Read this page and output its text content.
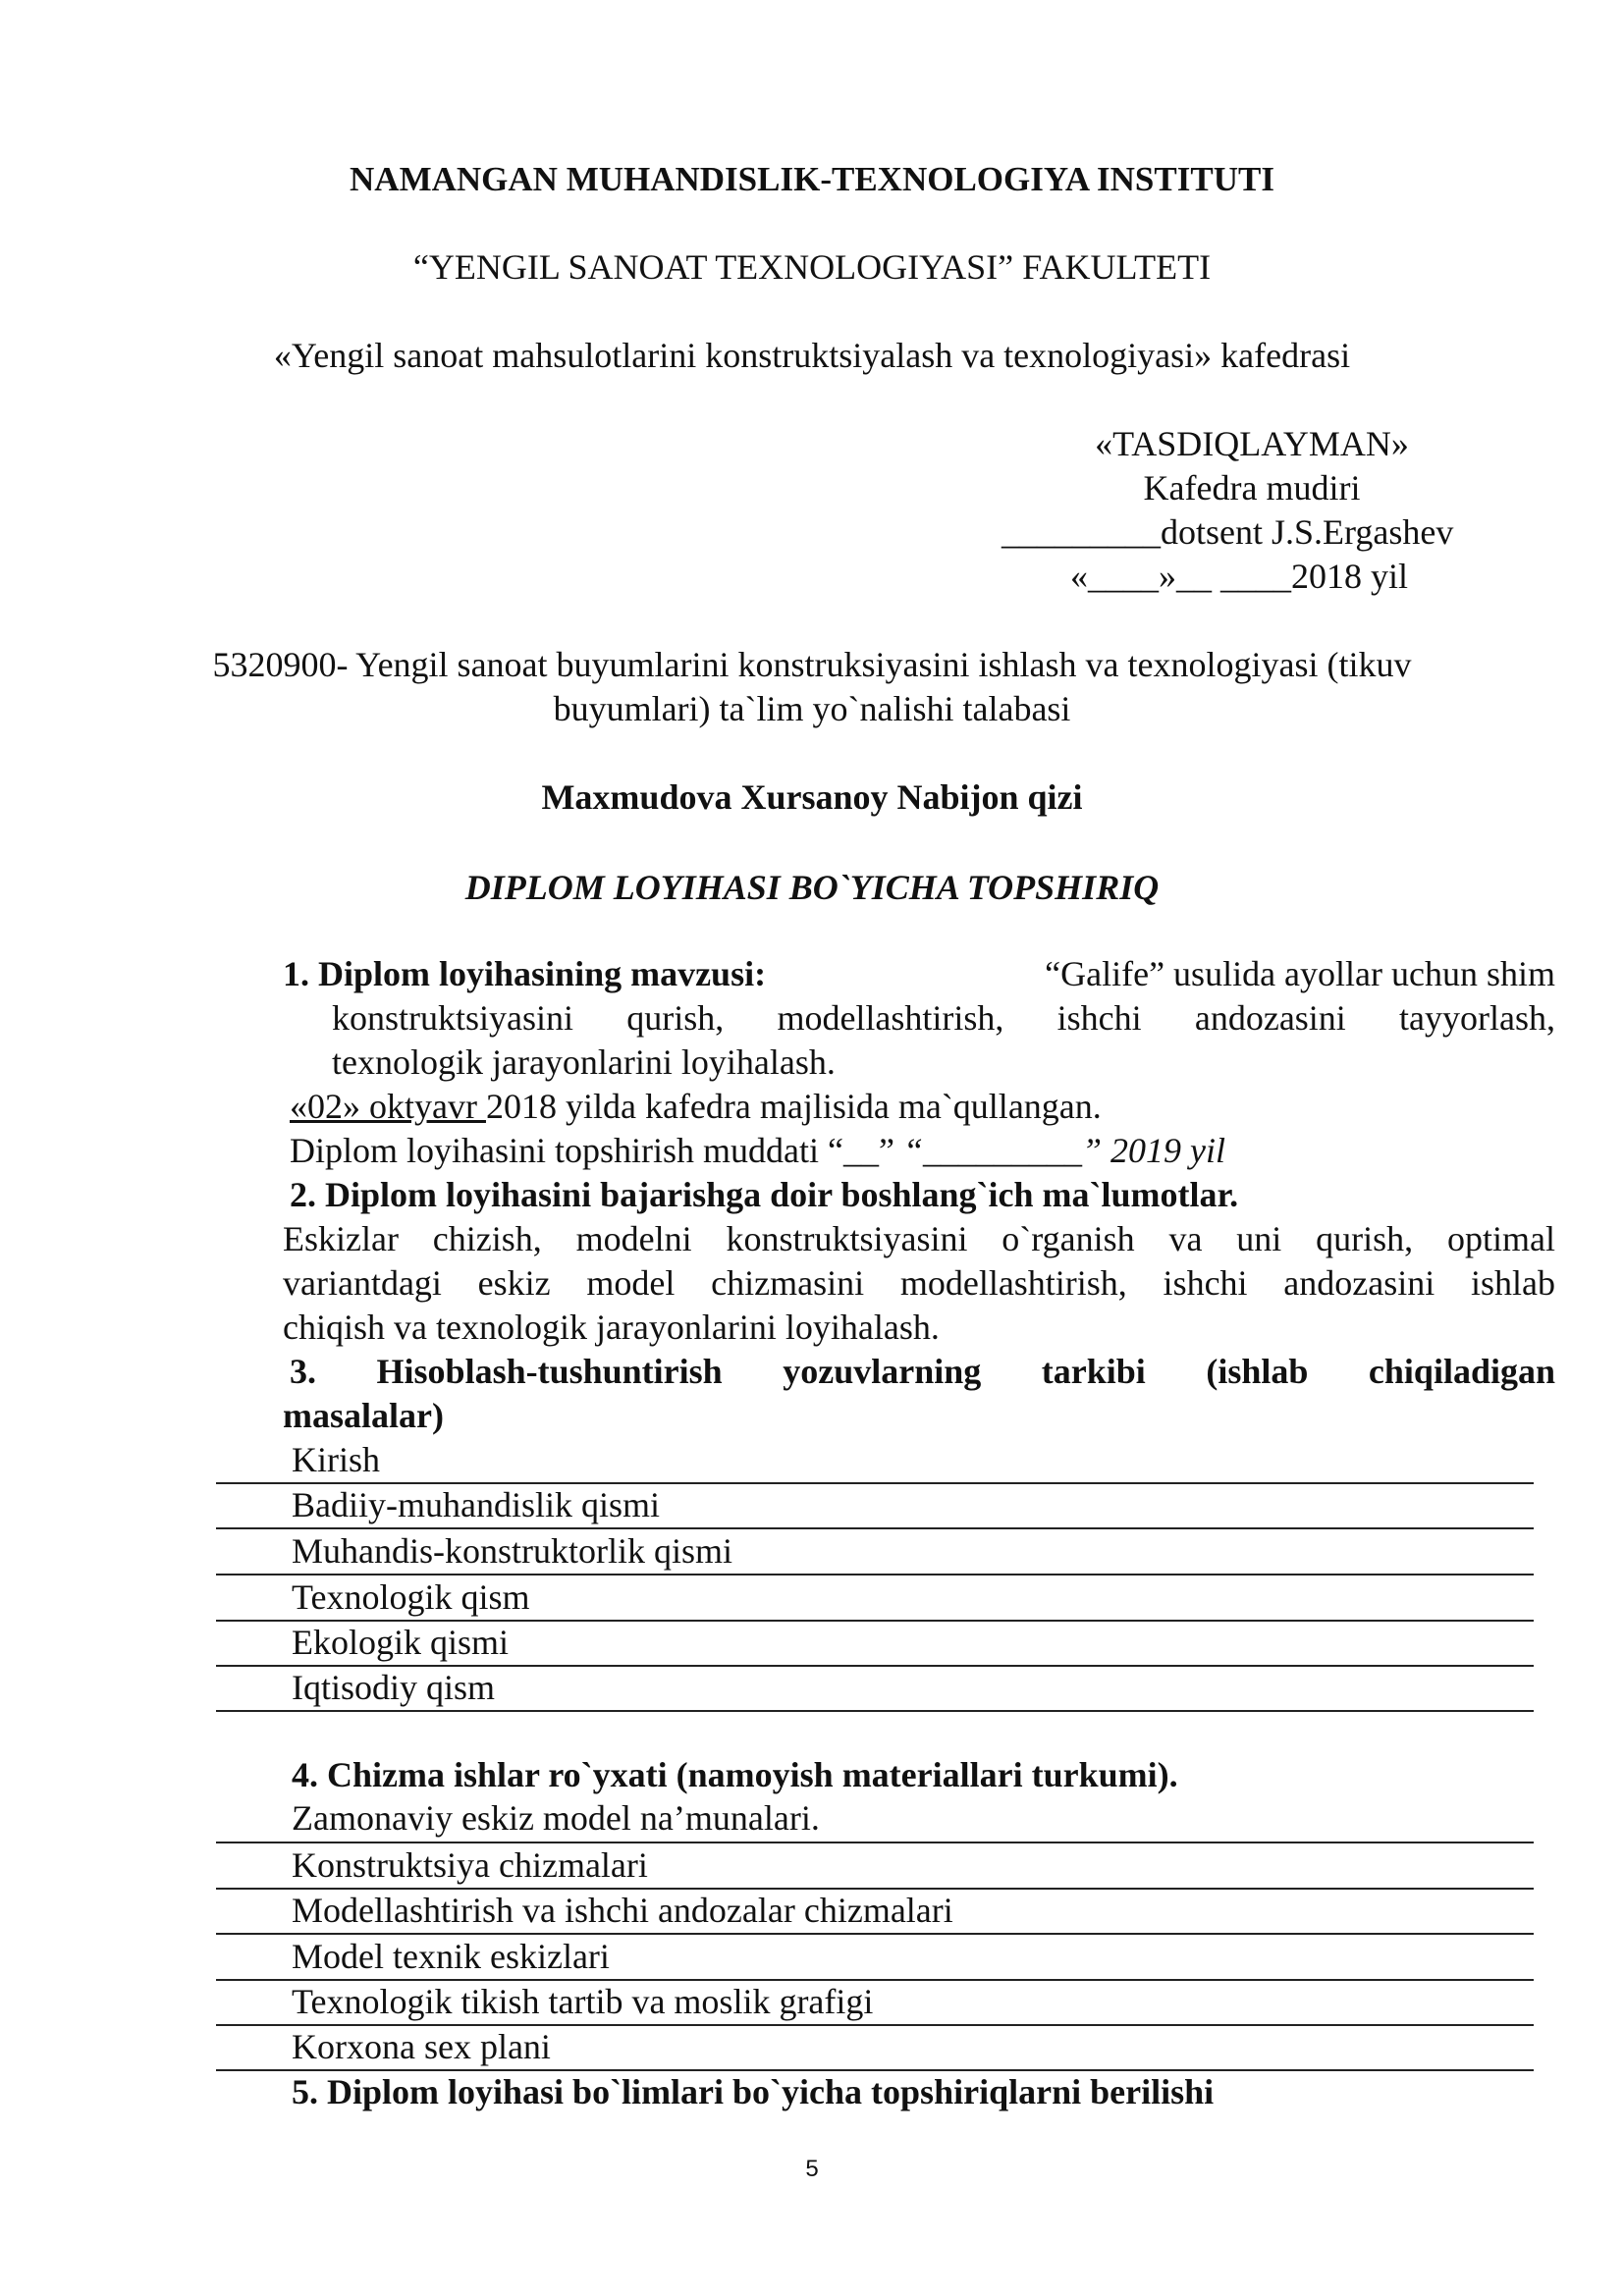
NAMANGAN MUHANDISLIK-TEXNOLOGIYA INSTITUTI
“YENGIL SANOAT TEXNOLOGIYASI” FAKULTETI
«Yengil sanoat mahsulotlarini konstruktsiyalash va texnologiyasi» kafedrasi
«TASDIQLAYMAN»
Kafedra mudiri
_________dotsent J.S.Ergashev
«____»__ ____2018 yil
5320900- Yengil sanoat buyumlarini konstruksiyasini ishlash va texnologiyasi (tikuv
buyumlari) ta`lim yo`nalishi talabasi
Maxmudova Xursanoy Nabijon qizi
DIPLOM LOYIHASI BO`YICHA TOPSHIRIQ
1. Diplom loyihasining mavzusi:	“Galife” usulida ayollar uchun shim
konstruktsiyasini qurish, modellashtirish, ishchi andozasini tayyorlash,
texnologik jarayonlarini loyihalash.
«02» oktyavr 2018 yilda kafedra majlisida ma`qullangan.
Diplom loyihasini topshirish muddati “__” “_________” 2019 yil
2. Diplom loyihasini bajarishga doir boshlang`ich ma`lumotlar.
Eskizlar chizish, modelni konstruktsiyasini o`rganish va uni qurish, optimal
variantdagi eskiz model chizmasini modellashtirish, ishchi andozasini ishlab
chiqish va texnologik jarayonlarini loyihalash.
3. Hisoblash-tushuntirish yozuvlarning tarkibi (ishlab chiqiladigan
masalalar)
Kirish
Badiiy-muhandislik qismi
Muhandis-konstruktorlik qismi
Texnologik qism
Ekologik qismi
Iqtisodiy qism
4. Chizma ishlar ro`yxati (namoyish materiallari turkumi).
Zamonaviy eskiz model na’munalari.
Konstruktsiya chizmalari
Modellashtirish va ishchi andozalar chizmalari
Model texnik eskizlari
Texnologik tikish tartib va moslik grafigi
Korxona sex plani
5. Diplom loyihasi bo`limlari bo`yicha topshiriqlarni berilishi
5
